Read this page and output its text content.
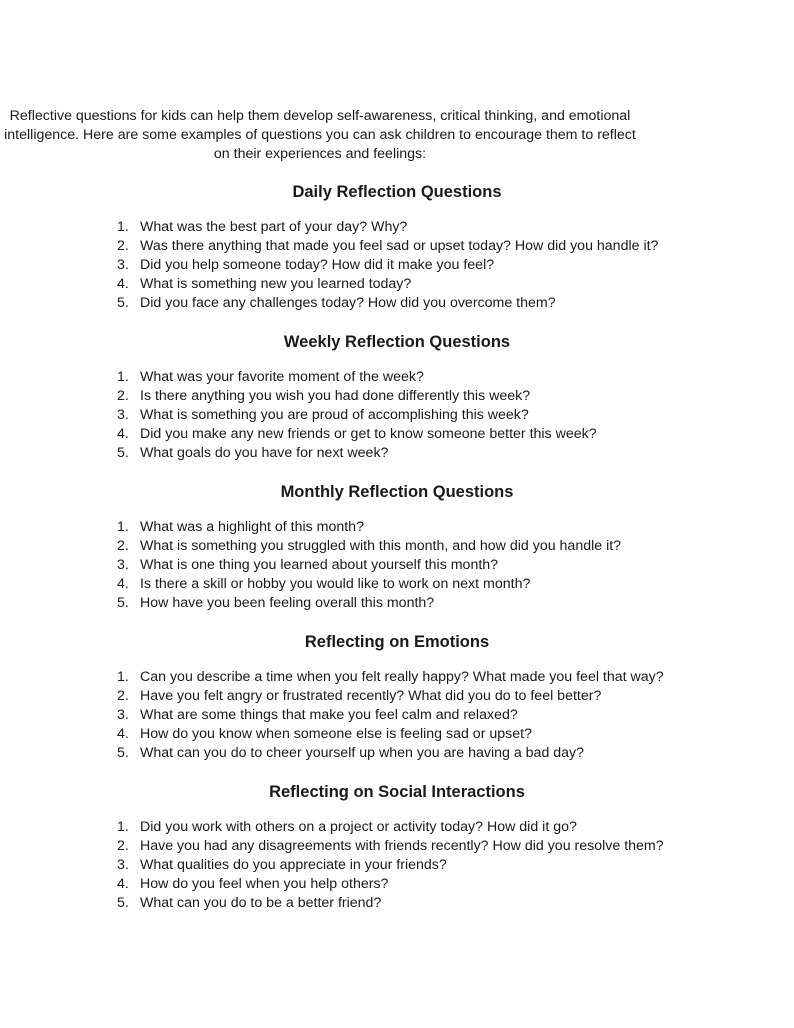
Reflective questions for kids can help them develop self-awareness, critical thinking, and emotional intelligence. Here are some examples of questions you can ask children to encourage them to reflect on their experiences and feelings:

Daily Reflection Questions
1. What was the best part of your day? Why?
2. Was there anything that made you feel sad or upset today? How did you handle it?
3. Did you help someone today? How did it make you feel?
4. What is something new you learned today?
5. Did you face any challenges today? How did you overcome them?
Weekly Reflection Questions
1. What was your favorite moment of the week?
2. Is there anything you wish you had done differently this week?
3. What is something you are proud of accomplishing this week?
4. Did you make any new friends or get to know someone better this week?
5. What goals do you have for next week?
Monthly Reflection Questions
1. What was a highlight of this month?
2. What is something you struggled with this month, and how did you handle it?
3. What is one thing you learned about yourself this month?
4. Is there a skill or hobby you would like to work on next month?
5. How have you been feeling overall this month?
Reflecting on Emotions
1. Can you describe a time when you felt really happy? What made you feel that way?
2. Have you felt angry or frustrated recently? What did you do to feel better?
3. What are some things that make you feel calm and relaxed?
4. How do you know when someone else is feeling sad or upset?
5. What can you do to cheer yourself up when you are having a bad day?
Reflecting on Social Interactions
1. Did you work with others on a project or activity today? How did it go?
2. Have you had any disagreements with friends recently? How did you resolve them?
3. What qualities do you appreciate in your friends?
4. How do you feel when you help others?
5. What can you do to be a better friend?
